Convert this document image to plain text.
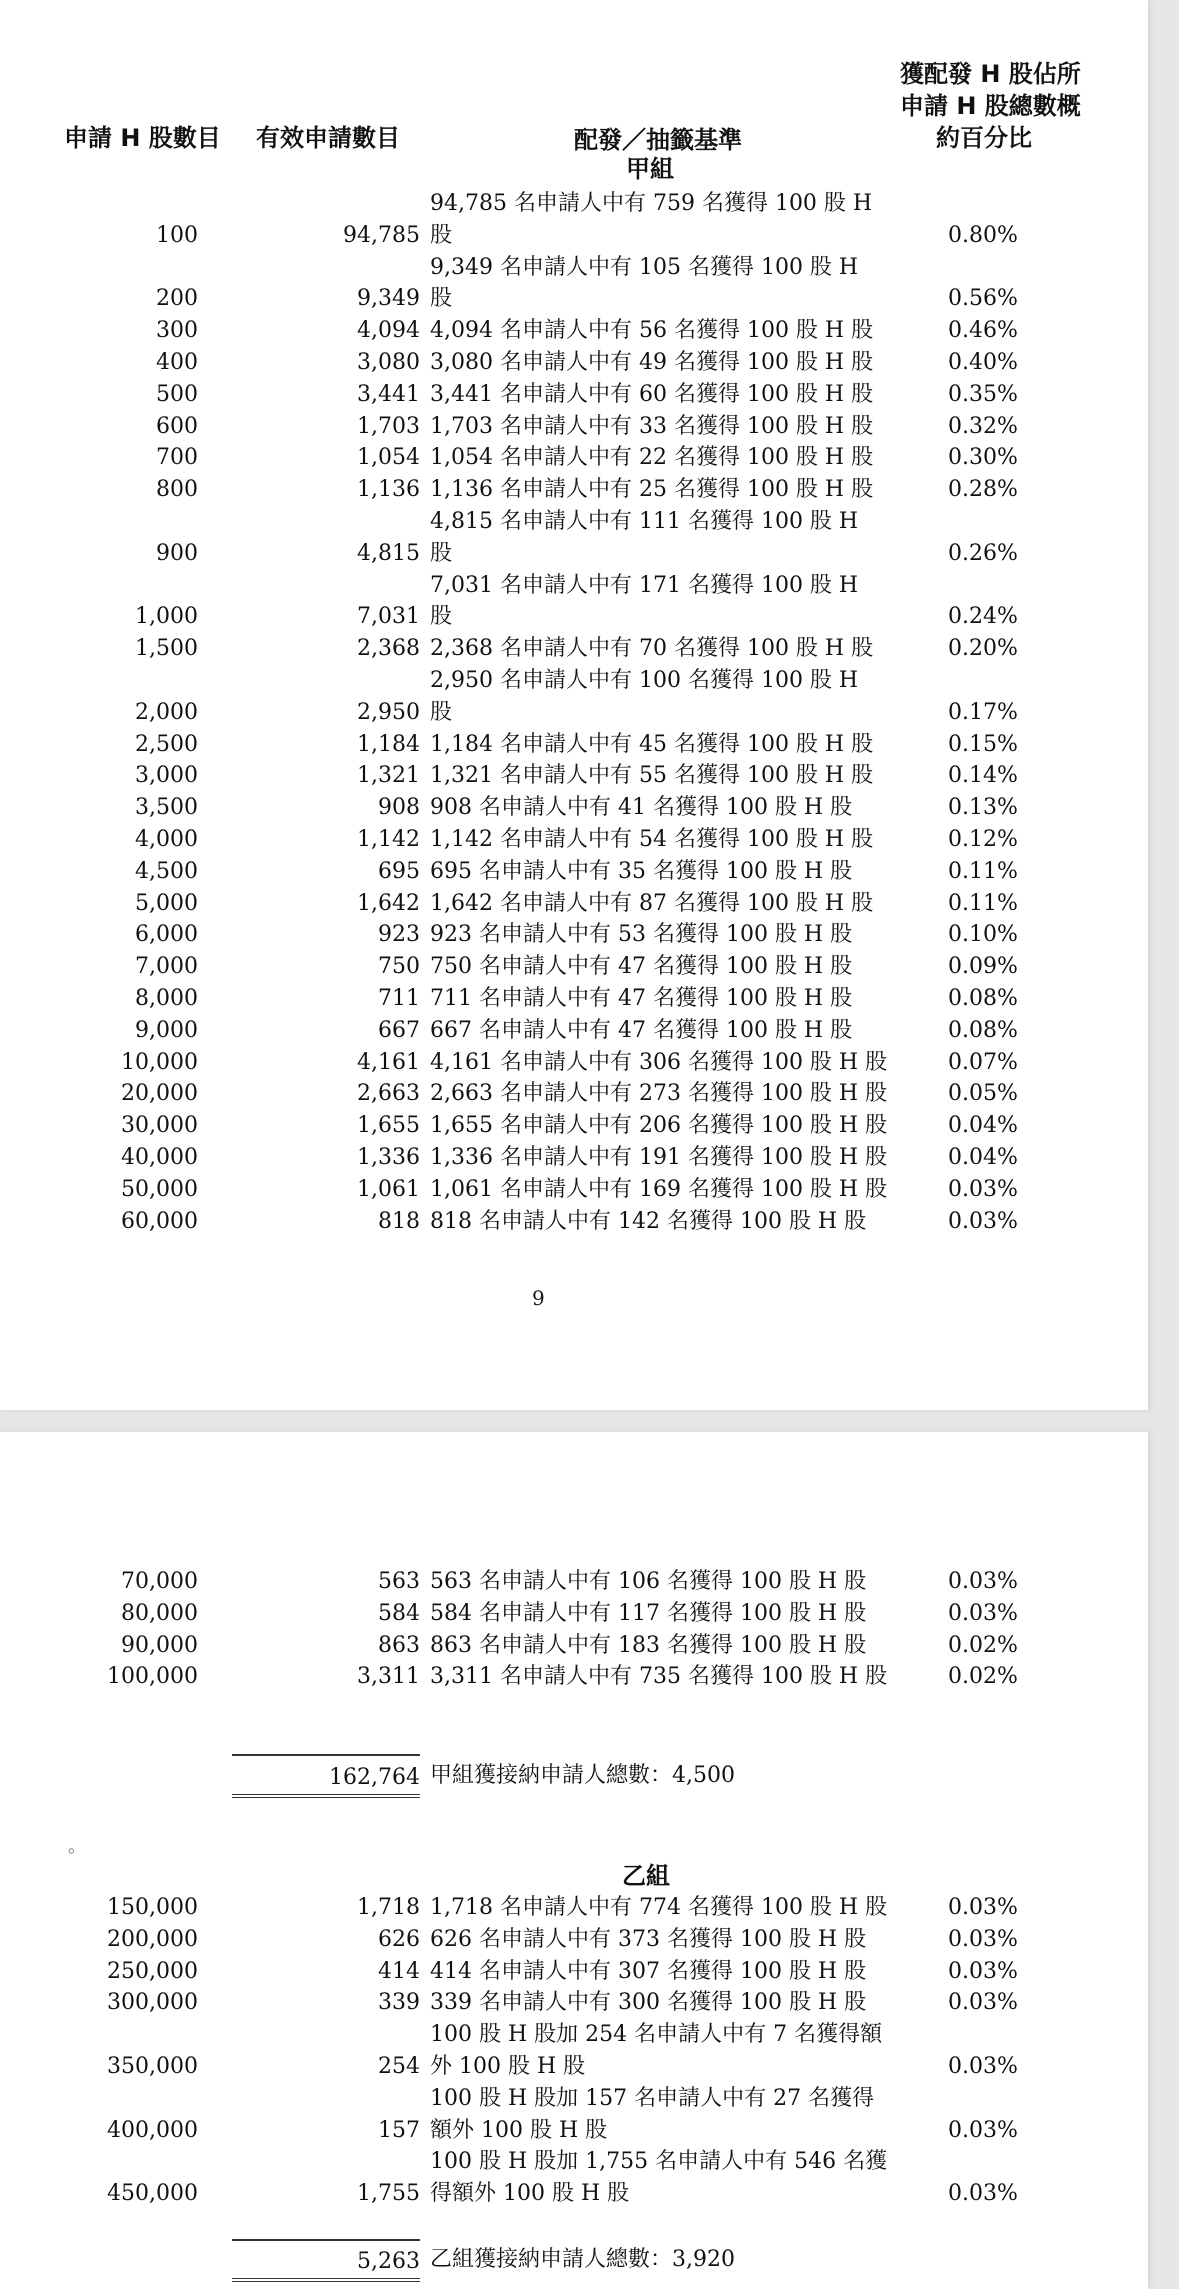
申請 H 股數目 有效申請數目	配發／抽籤基準
甲組
獲配發 H 股佔所
申請 H 股總數概
約百分比
100	94,785
94,785 名申請人中有 759 名獲得 100 股 H
股	0.80%
200	9,349
9,349 名申請人中有 105 名獲得 100 股 H
股	0.56%
300	4,094 4,094 名申請人中有 56 名獲得 100 股 H 股	0.46%
400	3,080 3,080 名申請人中有 49 名獲得 100 股 H 股	0.40%
500	3,441 3,441 名申請人中有 60 名獲得 100 股 H 股	0.35%
600	1,703 1,703 名申請人中有 33 名獲得 100 股 H 股	0.32%
700	1,054 1,054 名申請人中有 22 名獲得 100 股 H 股	0.30%
800	1,136 1,136 名申請人中有 25 名獲得 100 股 H 股	0.28%
900	4,815
4,815 名申請人中有 111 名獲得 100 股 H
股	0.26%
1,000	7,031
7,031 名申請人中有 171 名獲得 100 股 H
股	0.24%
1,500	2,368 2,368 名申請人中有 70 名獲得 100 股 H 股	0.20%
2,000	2,950
2,950 名申請人中有 100 名獲得 100 股 H
股	0.17%
2,500	1,184 1,184 名申請人中有 45 名獲得 100 股 H 股	0.15%
3,000	1,321 1,321 名申請人中有 55 名獲得 100 股 H 股	0.14%
3,500	908 908 名申請人中有 41 名獲得 100 股 H 股	0.13%
4,000	1,142 1,142 名申請人中有 54 名獲得 100 股 H 股	0.12%
4,500	695 695 名申請人中有 35 名獲得 100 股 H 股	0.11%
5,000	1,642 1,642 名申請人中有 87 名獲得 100 股 H 股	0.11%
6,000	923 923 名申請人中有 53 名獲得 100 股 H 股	0.10%
7,000	750 750 名申請人中有 47 名獲得 100 股 H 股	0.09%
8,000	711 711 名申請人中有 47 名獲得 100 股 H 股	0.08%
9,000	667 667 名申請人中有 47 名獲得 100 股 H 股	0.08%
10,000	4,161 4,161 名申請人中有 306 名獲得 100 股 H 股	0.07%
20,000	2,663 2,663 名申請人中有 273 名獲得 100 股 H 股	0.05%
30,000	1,655 1,655 名申請人中有 206 名獲得 100 股 H 股	0.04%
40,000	1,336 1,336 名申請人中有 191 名獲得 100 股 H 股	0.04%
50,000	1,061 1,061 名申請人中有 169 名獲得 100 股 H 股	0.03%
60,000	818 818 名申請人中有 142 名獲得 100 股 H 股	0.03%
9
70,000	563 563 名申請人中有 106 名獲得 100 股 H 股	0.03%
80,000	584 584 名申請人中有 117 名獲得 100 股 H 股	0.03%
90,000	863 863 名申請人中有 183 名獲得 100 股 H 股	0.02%
100,000	3,311 3,311 名申請人中有 735 名獲得 100 股 H 股	0.02%
162,764 甲組獲接納申請人總數：4,500
。
乙組
150,000	1,718 1,718 名申請人中有 774 名獲得 100 股 H 股	0.03%
200,000	626 626 名申請人中有 373 名獲得 100 股 H 股	0.03%
250,000	414 414 名申請人中有 307 名獲得 100 股 H 股	0.03%
300,000	339 339 名申請人中有 300 名獲得 100 股 H 股	0.03%
350,000	254
100 股 H 股加 254 名申請人中有 7 名獲得額
外 100 股 H 股	0.03%
400,000	157
100 股 H 股加 157 名申請人中有 27 名獲得
額外 100 股 H 股	0.03%
450,000	1,755
100 股 H 股加 1,755 名申請人中有 546 名獲
得額外 100 股 H 股	0.03%
5,263 乙組獲接納申請人總數：3,920
